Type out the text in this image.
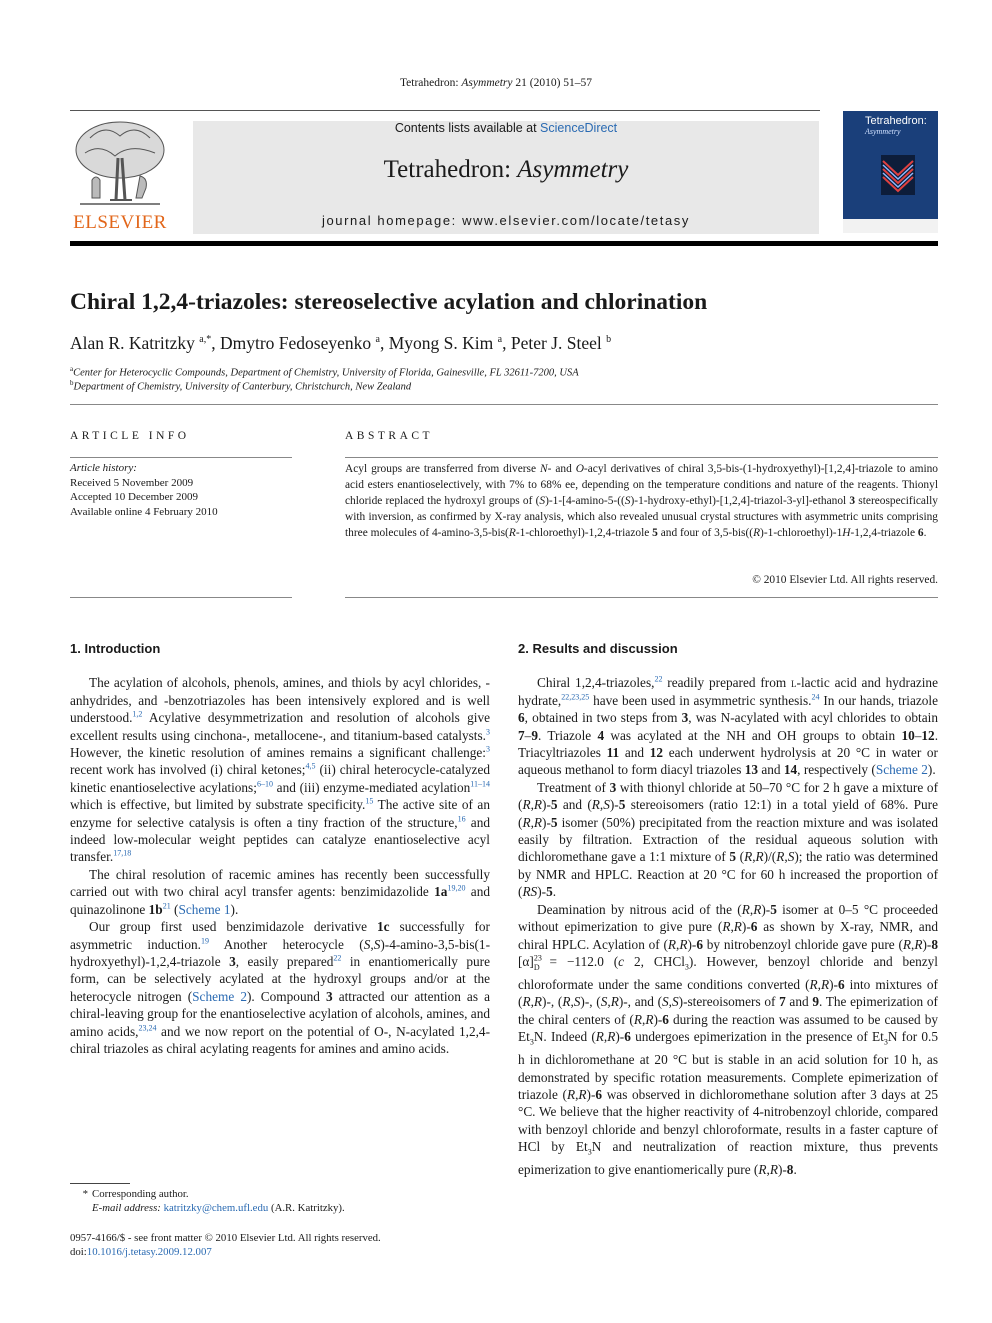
Tetrahedron: Asymmetry 21 (2010) 51–57
ELSEVIER
Contents lists available at ScienceDirect
Tetrahedron: Asymmetry
journal homepage: www.elsevier.com/locate/tetasy
Tetrahedron:
Asymmetry
Chiral 1,2,4-triazoles: stereoselective acylation and chlorination
Alan R. Katritzky $^{a,*}$, Dmytro Fedoseyenko $^a$, Myong S. Kim $^a$, Peter J. Steel $^b$
$^a$Center for Heterocyclic Compounds, Department of Chemistry, University of Florida, Gainesville, FL 32611-7200, USA
$^b$Department of Chemistry, University of Canterbury, Christchurch, New Zealand
ARTICLE INFO
Article history:
Received 5 November 2009
Accepted 10 December 2009
Available online 4 February 2010
ABSTRACT
Acyl groups are transferred from diverse N- and O-acyl derivatives of chiral 3,5-bis-(1-hydroxyethyl)-[1,2,4]-triazole to amino acid esters enantioselectively, with 7% to 68% ee, depending on the temperature conditions and nature of the reagents. Thionyl chloride replaced the hydroxyl groups of (S)-1-[4-amino-5-((S)-1-hydroxy-ethyl)-[1,2,4]-triazol-3-yl]-ethanol 3 stereospecifically with inversion, as confirmed by X-ray analysis, which also revealed unusual crystal structures with asymmetric units comprising three molecules of 4-amino-3,5-bis(R-1-chloroethyl)-1,2,4-triazole 5 and four of 3,5-bis((R)-1-chloroethyl)-1H-1,2,4-triazole 6.
© 2010 Elsevier Ltd. All rights reserved.
1. Introduction

The acylation of alcohols, phenols, amines, and thiols by acyl chlorides, -anhydrides, and -benzotriazoles has been intensively explored and is well understood.$^{1,2}$ Acylative desymmetrization and resolution of alcohols give excellent results using cinchona-, metallocene-, and titanium-based catalysts.$^3$ However, the kinetic resolution of amines remains a significant challenge:$^3$ recent work has involved (i) chiral ketones;$^{4,5}$ (ii) chiral heterocycle-catalyzed kinetic enantioselective acylations;$^{6-10}$ and (iii) enzyme-mediated acylation$^{11-14}$ which is effective, but limited by substrate specificity.$^{15}$ The active site of an enzyme for selective catalysis is often a tiny fraction of the structure,$^{16}$ and indeed low-molecular weight peptides can catalyze enantioselective acyl transfer.$^{17,18}$

The chiral resolution of racemic amines has recently been successfully carried out with two chiral acyl transfer agents: benzimidazolide 1a$^{19,20}$ and quinazolinone 1b$^{21}$ (Scheme 1).

Our group first used benzimidazole derivative 1c successfully for asymmetric induction.$^{19}$ Another heterocycle (S,S)-4-amino-3,5-bis(1-hydroxyethyl)-1,2,4-triazole 3, easily prepared$^{22}$ in enantiomerically pure form, can be selectively acylated at the hydroxyl groups and/or at the heterocycle nitrogen (Scheme 2). Compound 3 attracted our attention as a chiral-leaving group for the enantioselective acylation of alcohols, amines, and amino acids,$^{23,24}$ and we now report on the potential of O-, N-acylated 1,2,4-chiral triazoles as chiral acylating reagents for amines and amino acids.

2. Results and discussion

Chiral 1,2,4-triazoles,$^{22}$ readily prepared from l-lactic acid and hydrazine hydrate,$^{22,23,25}$ have been used in asymmetric synthesis.$^{24}$ In our hands, triazole 6, obtained in two steps from 3, was N-acylated with acyl chlorides to obtain 7–9. Triazole 4 was acylated at the NH and OH groups to obtain 10–12. Triacyltriazoles 11 and 12 each underwent hydrolysis at 20 °C in water or aqueous methanol to form diacyl triazoles 13 and 14, respectively (Scheme 2).

Treatment of 3 with thionyl chloride at 50–70 °C for 2 h gave a mixture of (R,R)-5 and (R,S)-5 stereoisomers (ratio 12:1) in a total yield of 68%. Pure (R,R)-5 isomer (50%) precipitated from the reaction mixture and was isolated easily by filtration. Extraction of the residual aqueous solution with dichloromethane gave a 1:1 mixture of 5 (R,R)/(R,S); the ratio was determined by NMR and HPLC. Reaction at 20 °C for 60 h increased the proportion of (RS)-5.

Deamination by nitrous acid of the (R,R)-5 isomer at 0–5 °C proceeded without epimerization to give pure (R,R)-6 as shown by X-ray, NMR, and chiral HPLC. Acylation of (R,R)-6 by nitrobenzoyl chloride gave pure (R,R)-8 $[\alpha]^{23}_D = -112.0$ (c 2, CHCl$_3$). However, benzoyl chloride and benzyl chloroformate under the same conditions converted (R,R)-6 into mixtures of (R,R)-, (R,S)-, (S,R)-, and (S,S)-stereoisomers of 7 and 9. The epimerization of the chiral centers of (R,R)-6 during the reaction was assumed to be caused by $Et_3N$. Indeed (R,R)-6 undergoes epimerization in the presence of $Et_3N$ for 0.5 h in dichloromethane at 20 °C but is stable in an acid solution for 10 h, as demonstrated by specific rotation measurements. Complete epimerization of triazole (R,R)-6 was observed in dichloromethane solution after 3 days at 25 °C. We believe that the higher reactivity of 4-nitrobenzoyl chloride, compared with benzoyl chloride and benzyl chloroformate, results in a faster capture of HCl by $Et_3N$ and neutralization of reaction mixture, thus prevents epimerization to give enantiomerically pure (R,R)-8.

* Corresponding author.
E-mail address: katritzky@chem.ufl.edu (A.R. Katritzky).
0957-4166/$ - see front matter © 2010 Elsevier Ltd. All rights reserved.
doi:10.1016/j.tetasy.2009.12.007
